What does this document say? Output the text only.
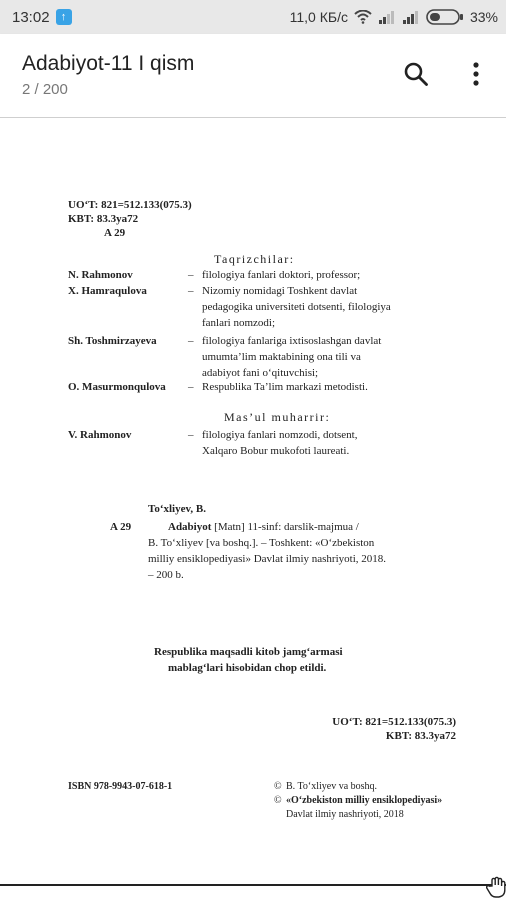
13:02	↑	11,0 КБ/с	33%
Adabiyot-11 I qism
2 / 200
UO‘T: 821=512.133(075.3)
KBT: 83.3ya72
A 29
Taqrizchilar:
N. Rahmonov	– filologiya fanlari doktori, professor;
X. Hamraqulova	– Nizomiy nomidagi Toshkent davlat
pedagogika universiteti dotsenti, filologiya
fanlari nomzodi;
Sh. Toshmirzayeva	– filologiya fanlariga ixtisoslashgan davlat
umumta’lim maktabining ona tili va
adabiyot fani o‘qituvchisi;
O. Masurmonqulova – Respublika Ta’lim markazi metodisti.
Mas’ul muharrir:
V. Rahmonov	– filologiya fanlari nomzodi, dotsent,
Xalqaro Bobur mukofoti laureati.
To‘xliyev, B.
A 29	Adabiyot [Matn] 11-sinf: darslik-majmua /
B. To‘xliyev [va boshq.]. – Toshkent: «O‘zbekiston
milliy ensiklopediyasi» Davlat ilmiy nashriyoti, 2018.
– 200 b.
Respublika maqsadli kitob jamg‘armasi
mablag‘lari hisobidan chop etildi.
UO‘T: 821=512.133(075.3)
KBT: 83.3ya72
ISBN 978-9943-07-618-1	© B. To‘xliyev va boshq.
© «O‘zbekiston milliy ensiklopediyasi»
Davlat ilmiy nashriyoti, 2018
